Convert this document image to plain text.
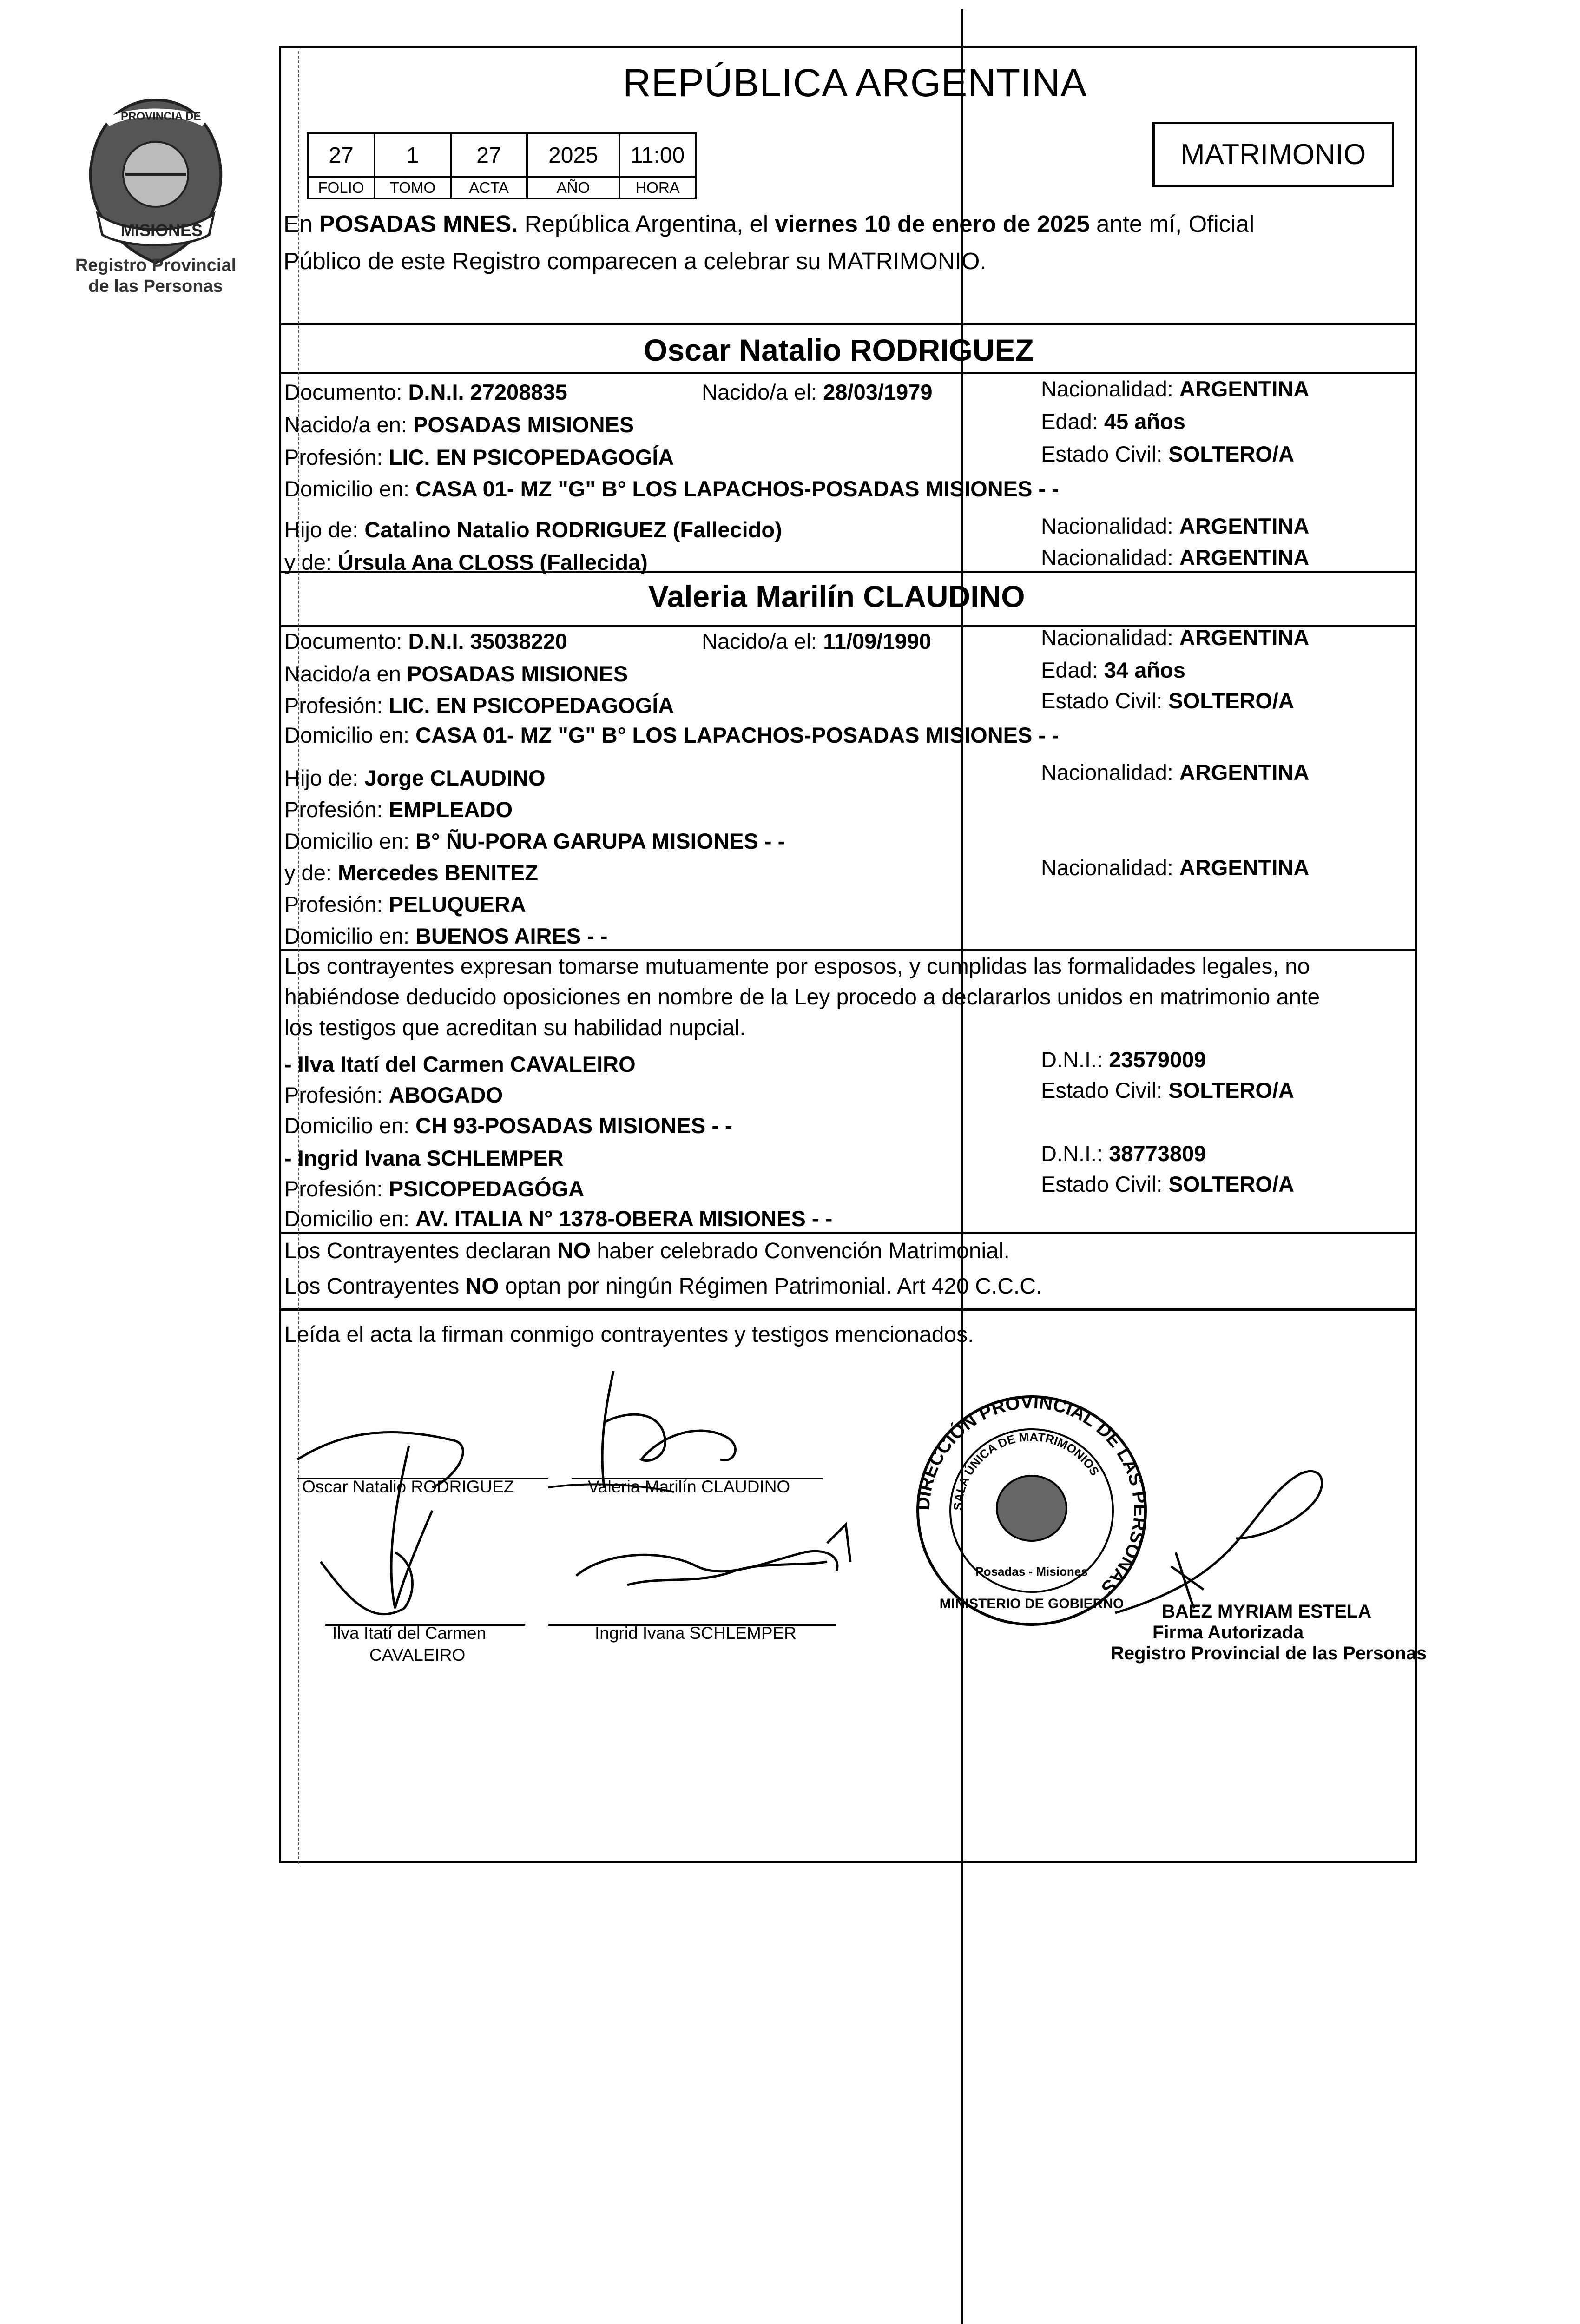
PROVINCIA DE
MISIONES
Registro Provincial
de las Personas
REPÚBLICA ARGENTINA
MATRIMONIO
27	1	27	2025	11:00
FOLIO	TOMO	ACTA	AÑO	HORA
En POSADAS MNES. República Argentina, el viernes 10 de enero de 2025 ante mí, Oficial
Público de este Registro comparecen a celebrar su MATRIMONIO.
Oscar Natalio RODRIGUEZ
Documento: D.N.I. 27208835	Nacido/a el: 28/03/1979	Nacionalidad: ARGENTINA
Nacido/a en: POSADAS MISIONES	Edad: 45 años
Profesión: LIC. EN PSICOPEDAGOGÍA	Estado Civil: SOLTERO/A
Domicilio en: CASA 01- MZ "G" B° LOS LAPACHOS-POSADAS MISIONES - -
Hijo de: Catalino Natalio RODRIGUEZ (Fallecido)	Nacionalidad: ARGENTINA
y de: Úrsula Ana CLOSS (Fallecida)	Nacionalidad: ARGENTINA
Valeria Marilín CLAUDINO
Documento: D.N.I. 35038220	Nacido/a el: 11/09/1990	Nacionalidad: ARGENTINA
Nacido/a en POSADAS MISIONES	Edad: 34 años
Profesión: LIC. EN PSICOPEDAGOGÍA	Estado Civil: SOLTERO/A
Domicilio en: CASA 01- MZ "G" B° LOS LAPACHOS-POSADAS MISIONES - -
Hijo de: Jorge CLAUDINO	Nacionalidad: ARGENTINA
Profesión: EMPLEADO
Domicilio en: B° ÑU-PORA GARUPA MISIONES - -
y de: Mercedes BENITEZ	Nacionalidad: ARGENTINA
Profesión: PELUQUERA
Domicilio en: BUENOS AIRES - -
Los contrayentes expresan tomarse mutuamente por esposos, y cumplidas las formalidades legales, no
habiéndose deducido oposiciones en nombre de la Ley procedo a declararlos unidos en matrimonio ante
los testigos que acreditan su habilidad nupcial.
- Ilva Itatí del Carmen CAVALEIRO	D.N.I.: 23579009
Profesión: ABOGADO	Estado Civil: SOLTERO/A
Domicilio en: CH 93-POSADAS MISIONES - -
- Ingrid Ivana SCHLEMPER	D.N.I.: 38773809
Profesión: PSICOPEDAGÓGA	Estado Civil: SOLTERO/A
Domicilio en: AV. ITALIA N° 1378-OBERA MISIONES - -
Los Contrayentes declaran NO haber celebrado Convención Matrimonial.
Los Contrayentes NO optan por ningún Régimen Patrimonial. Art 420 C.C.C.
Leída el acta la firman conmigo contrayentes y testigos mencionados.
Oscar Natalio RODRIGUEZ	Valeria Marilín CLAUDINO
Ilva Itatí del Carmen
CAVALEIRO
Ingrid Ivana SCHLEMPER
DIRECCIÓN PROVINCIAL DE LAS PERSONAS
SALA ÚNICA DE MATRIMONIOS
MINISTERIO DE GOBIERNO
Posadas - Misiones
BAEZ MYRIAM ESTELA
Firma Autorizada
Registro Provincial de las Personas
